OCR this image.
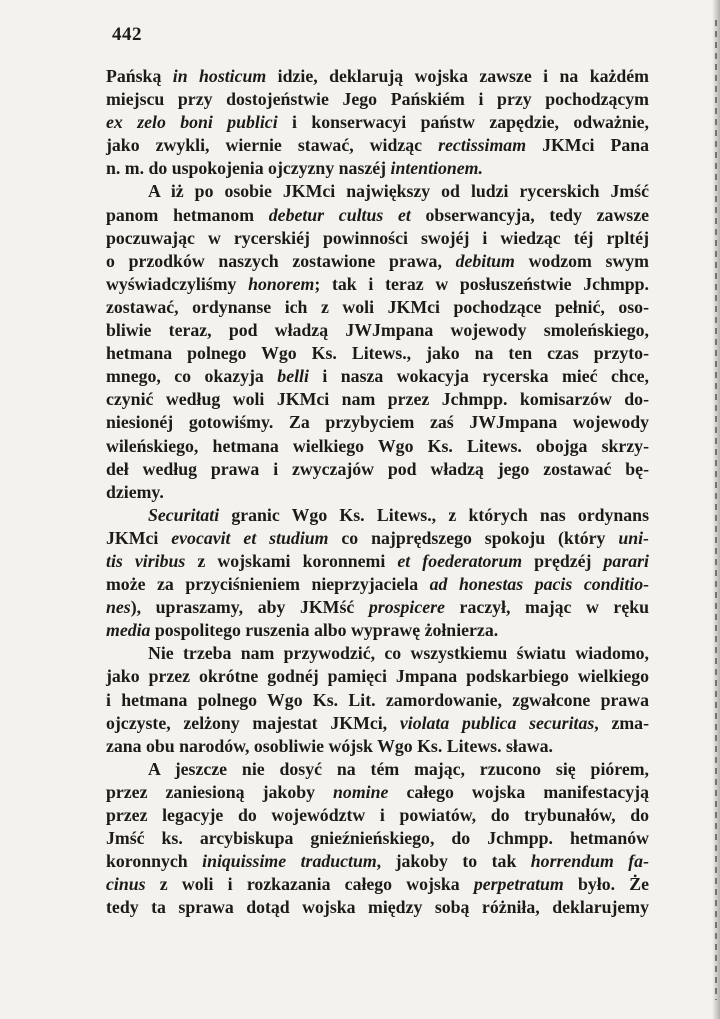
442
Pańską in hosticum idzie, deklarują wojska zawsze i na każdém
miejscu przy dostojeństwie Jego Pańskiém i przy pochodzącym
ex zelo boni publici i konserwacyi państw zapędzie, odważnie,
jako zwykli, wiernie stawać, widząc rectissimam JKMci Pana
n. m. do uspokojenia ojczyzny naszéj intentionem.
A iż po osobie JKMci największy od ludzi rycerskich Jmść
panom hetmanom debetur cultus et obserwancyja, tedy zawsze
poczuwając w rycerskiéj powinności swojéj i wiedząc téj rpltéj
o przodków naszych zostawione prawa, debitum wodzom swym
wyświadczyliśmy honorem; tak i teraz w posłuszeństwie Jchmpp.
zostawać, ordynanse ich z woli JKMci pochodzące pełnić, oso-
bliwie teraz, pod władzą JWJmpana wojewody smoleńskiego,
hetmana polnego Wgo Ks. Litews., jako na ten czas przyto-
mnego, co okazyja belli i nasza wokacyja rycerska mieć chce,
czynić według woli JKMci nam przez Jchmpp. komisarzów do-
niesionéj gotowiśmy. Za przybyciem zaś JWJmpana wojewody
wileńskiego, hetmana wielkiego Wgo Ks. Litews. obojga skrzy-
deł według prawa i zwyczajów pod władzą jego zostawać bę-
dziemy.
Securitati granic Wgo Ks. Litews., z których nas ordynans
JKMci evocavit et studium co najprędszego spokoju (który uni-
tis viribus z wojskami koronnemi et foederatorum prędzéj parari
może za przyciśnieniem nieprzyjaciela ad honestas pacis conditio-
nes), upraszamy, aby JKMść prospicere raczył, mając w ręku
media pospolitego ruszenia albo wyprawę żołnierza.
Nie trzeba nam przywodzić, co wszystkiemu światu wiadomo,
jako przez okrótne godnéj pamięci Jmpana podskarbiego wielkiego
i hetmana polnego Wgo Ks. Lit. zamordowanie, zgwałcone prawa
ojczyste, zelżony majestat JKMci, violata publica securitas, zma-
zana obu narodów, osobliwie wójsk Wgo Ks. Litews. sława.
A jeszcze nie dosyć na tém mając, rzucono się piórem,
przez zaniesioną jakoby nomine całego wojska manifestacyją
przez legacyje do województw i powiatów, do trybunałów, do
Jmść ks. arcybiskupa gnieźnieńskiego, do Jchmpp. hetmanów
koronnych iniquissime traductum, jakoby to tak horrendum fa-
cinus z woli i rozkazania całego wojska perpetratum było. Że
tedy ta sprawa dotąd wojska między sobą różniła, deklarujemy
